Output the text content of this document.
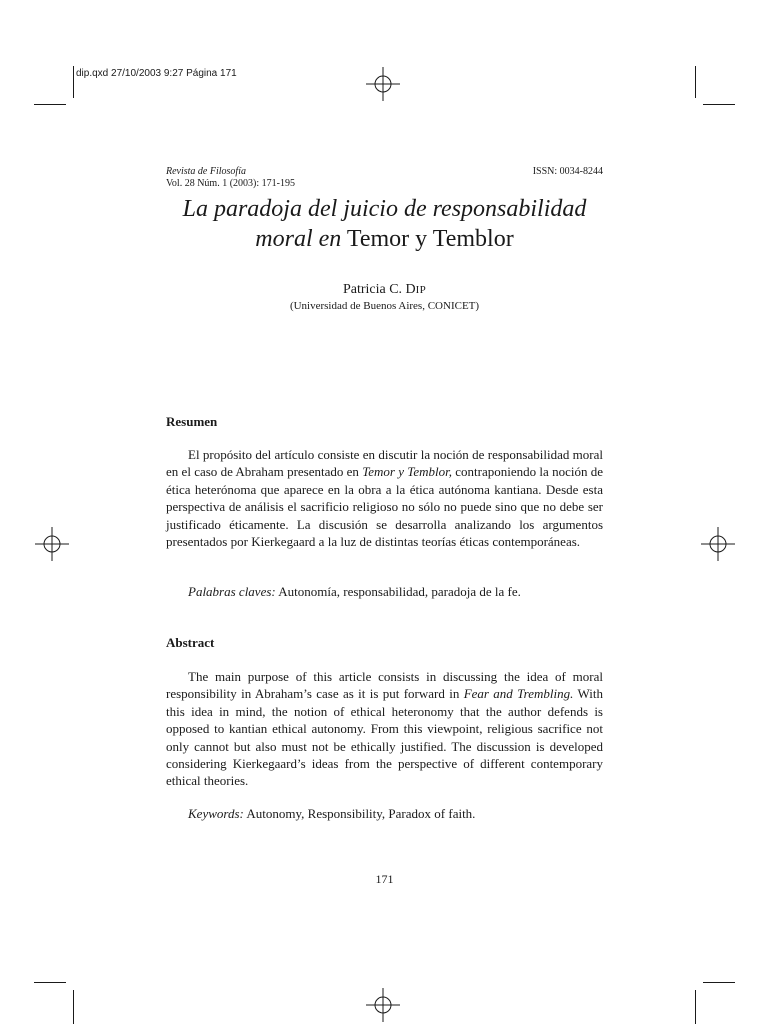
dip.qxd 27/10/2003 9:27 Página 171
Revista de Filosofía
Vol. 28 Núm. 1 (2003): 171-195
ISSN: 0034-8244
La paradoja del juicio de responsabilidad
moral en Temor y Temblor
Patricia C. DIP
(Universidad de Buenos Aires, CONICET)
Resumen
El propósito del artículo consiste en discutir la noción de responsabilidad moral en el caso de Abraham presentado en Temor y Temblor, contraponiendo la noción de ética heterónoma que aparece en la obra a la ética autónoma kantiana. Desde esta perspectiva de análisis el sacrificio religioso no sólo no puede sino que no debe ser justificado éticamente. La discusión se desarrolla analizando los argumentos presentados por Kierkegaard a la luz de distintas teorías éticas contemporáneas.
Palabras claves: Autonomía, responsabilidad, paradoja de la fe.
Abstract
The main purpose of this article consists in discussing the idea of moral responsibility in Abraham’s case as it is put forward in Fear and Trembling. With this idea in mind, the notion of ethical heteronomy that the author defends is opposed to kantian ethical autonomy. From this viewpoint, religious sacrifice not only cannot but also must not be ethically justified. The discussion is developed considering Kierkegaard’s ideas from the perspective of different contemporary ethical theories.
Keywords: Autonomy, Responsibility, Paradox of faith.
171
